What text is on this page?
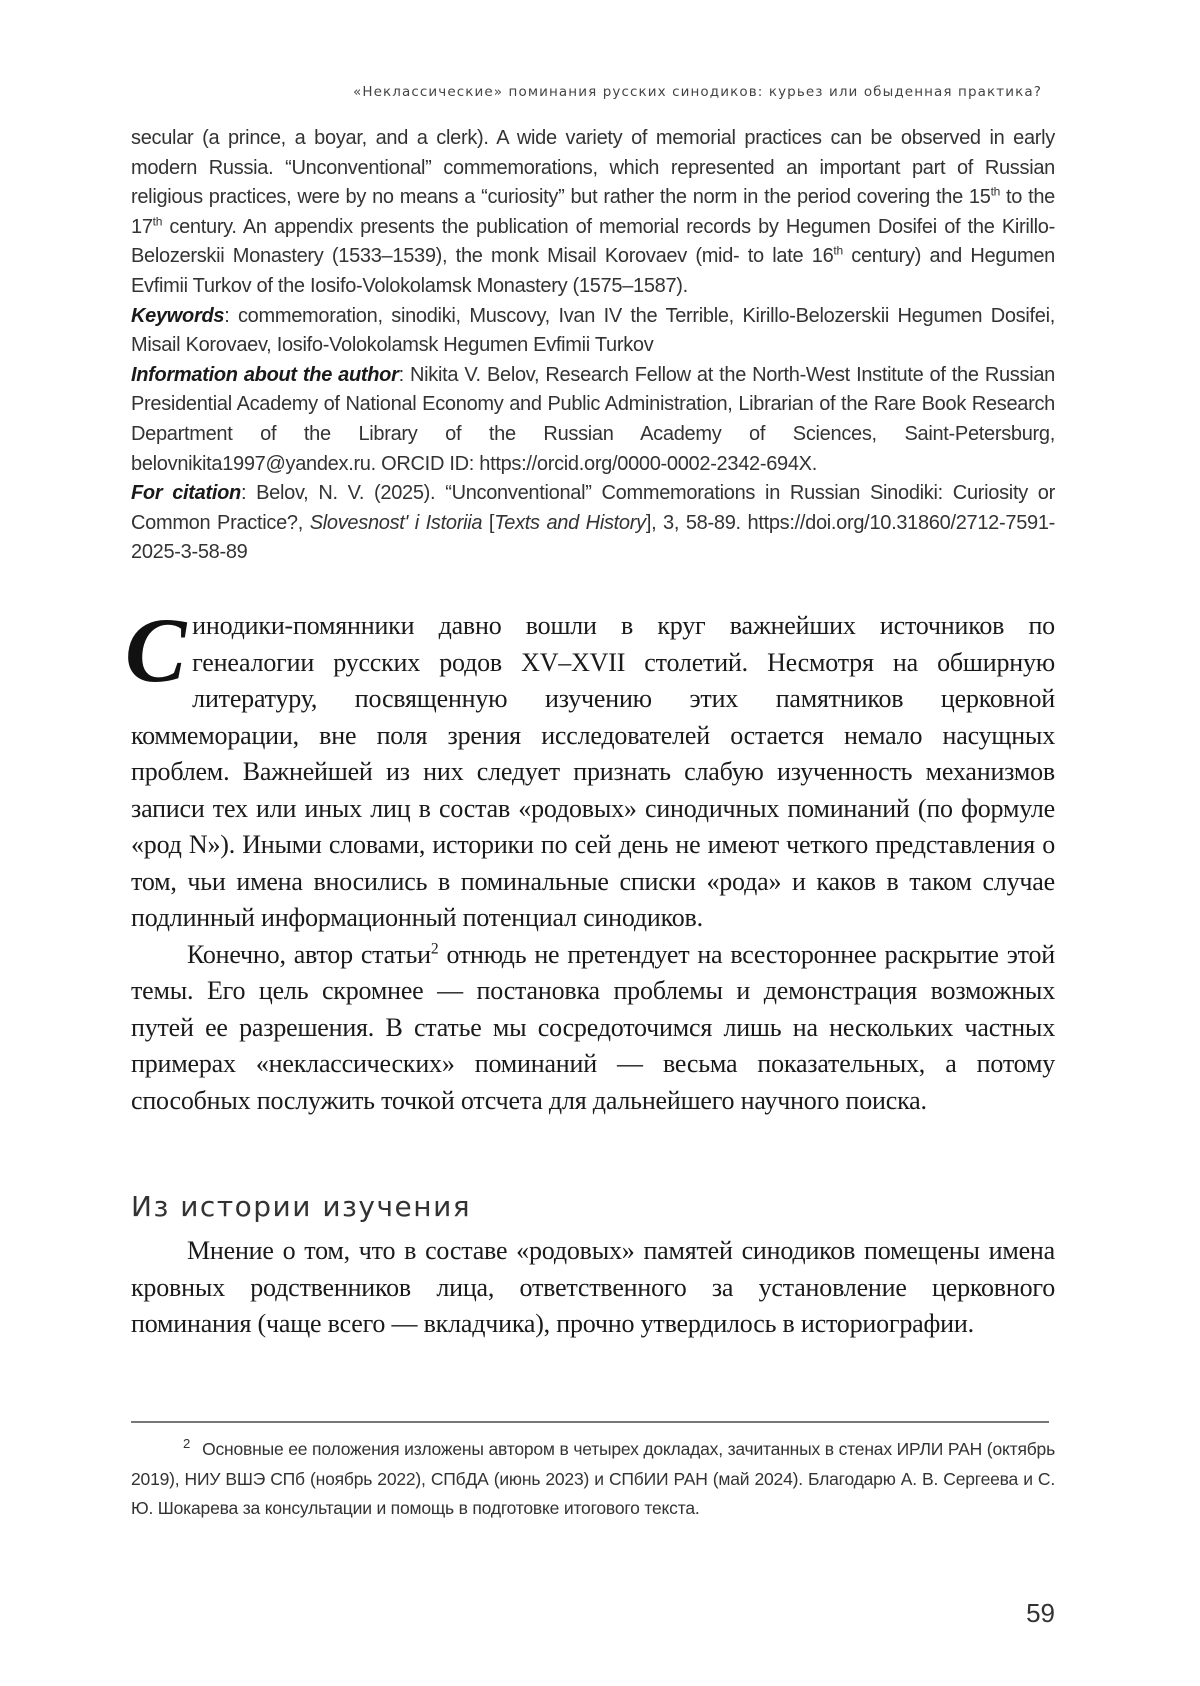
«Неклассические» поминания русских синодиков: курьез или обыденная практика?

secular (a prince, a boyar, and a clerk). A wide variety of memorial practices can be observed in early modern Russia. “Unconventional” commemorations, which represented an important part of Russian religious practices, were by no means a “curiosity” but rather the norm in the period covering the 15th to the 17th century. An appendix presents the publication of memorial records by Hegumen Dosifei of the Kirillo-Belozerskii Monastery (1533–1539), the monk Misail Korovaev (mid- to late 16th century) and Hegumen Evfimii Turkov of the Iosifo-Volokolamsk Monastery (1575–1587).

Keywords: commemoration, sinodiki, Muscovy, Ivan IV the Terrible, Kirillo-Belozerskii Hegumen Dosifei, Misail Korovaev, Iosifo-Volokolamsk Hegumen Evfimii Turkov

Information about the author: Nikita V. Belov, Research Fellow at the North-West Institute of the Russian Presidential Academy of National Economy and Public Administration, Librarian of the Rare Book Research Department of the Library of the Russian Academy of Sciences, Saint-Petersburg, belovnikita1997@yandex.ru. ORCID ID: https://orcid.org/0000-0002-2342-694X.

For citation: Belov, N. V. (2025). “Unconventional” Commemorations in Russian Sinodiki: Curiosity or Common Practice?, Slovesnost' i Istoriia [Texts and History], 3, 58-89. https://doi.org/10.31860/2712-7591-2025-3-58-89

С инодики-помянники давно вошли в круг важнейших источников по генеалогии русских родов XV–XVII столетий. Несмотря на обширную литературу, посвященную изучению этих памятников церковной коммеморации, вне поля зрения исследователей остается немало насущных проблем. Важнейшей из них следует признать слабую изученность механизмов записи тех или иных лиц в состав «родовых» синодичных поминаний (по формуле «род N»). Иными словами, историки по сей день не имеют четкого представления о том, чьи имена вносились в поминальные списки «рода» и каков в таком случае подлинный информационный потенциал синодиков.

Конечно, автор статьи2 отнюдь не претендует на всестороннее раскрытие этой темы. Его цель скромнее — постановка проблемы и демонстрация возможных путей ее разрешения. В статье мы сосредоточимся лишь на нескольких частных примерах «неклассических» поминаний — весьма показательных, а потому способных послужить точкой отсчета для дальнейшего научного поиска.

Из истории изучения

Мнение о том, что в составе «родовых» памятей синодиков помещены имена кровных родственников лица, ответственного за установление церковного поминания (чаще всего — вкладчика), прочно утвердилось в историографии.

2 Основные ее положения изложены автором в четырех докладах, зачитанных в стенах ИРЛИ РАН (октябрь 2019), НИУ ВШЭ СПб (ноябрь 2022), СПбДА (июнь 2023) и СПбИИ РАН (май 2024). Благодарю А. В. Сергеева и С. Ю. Шокарева за консультации и помощь в подготовке итогового текста.

59
